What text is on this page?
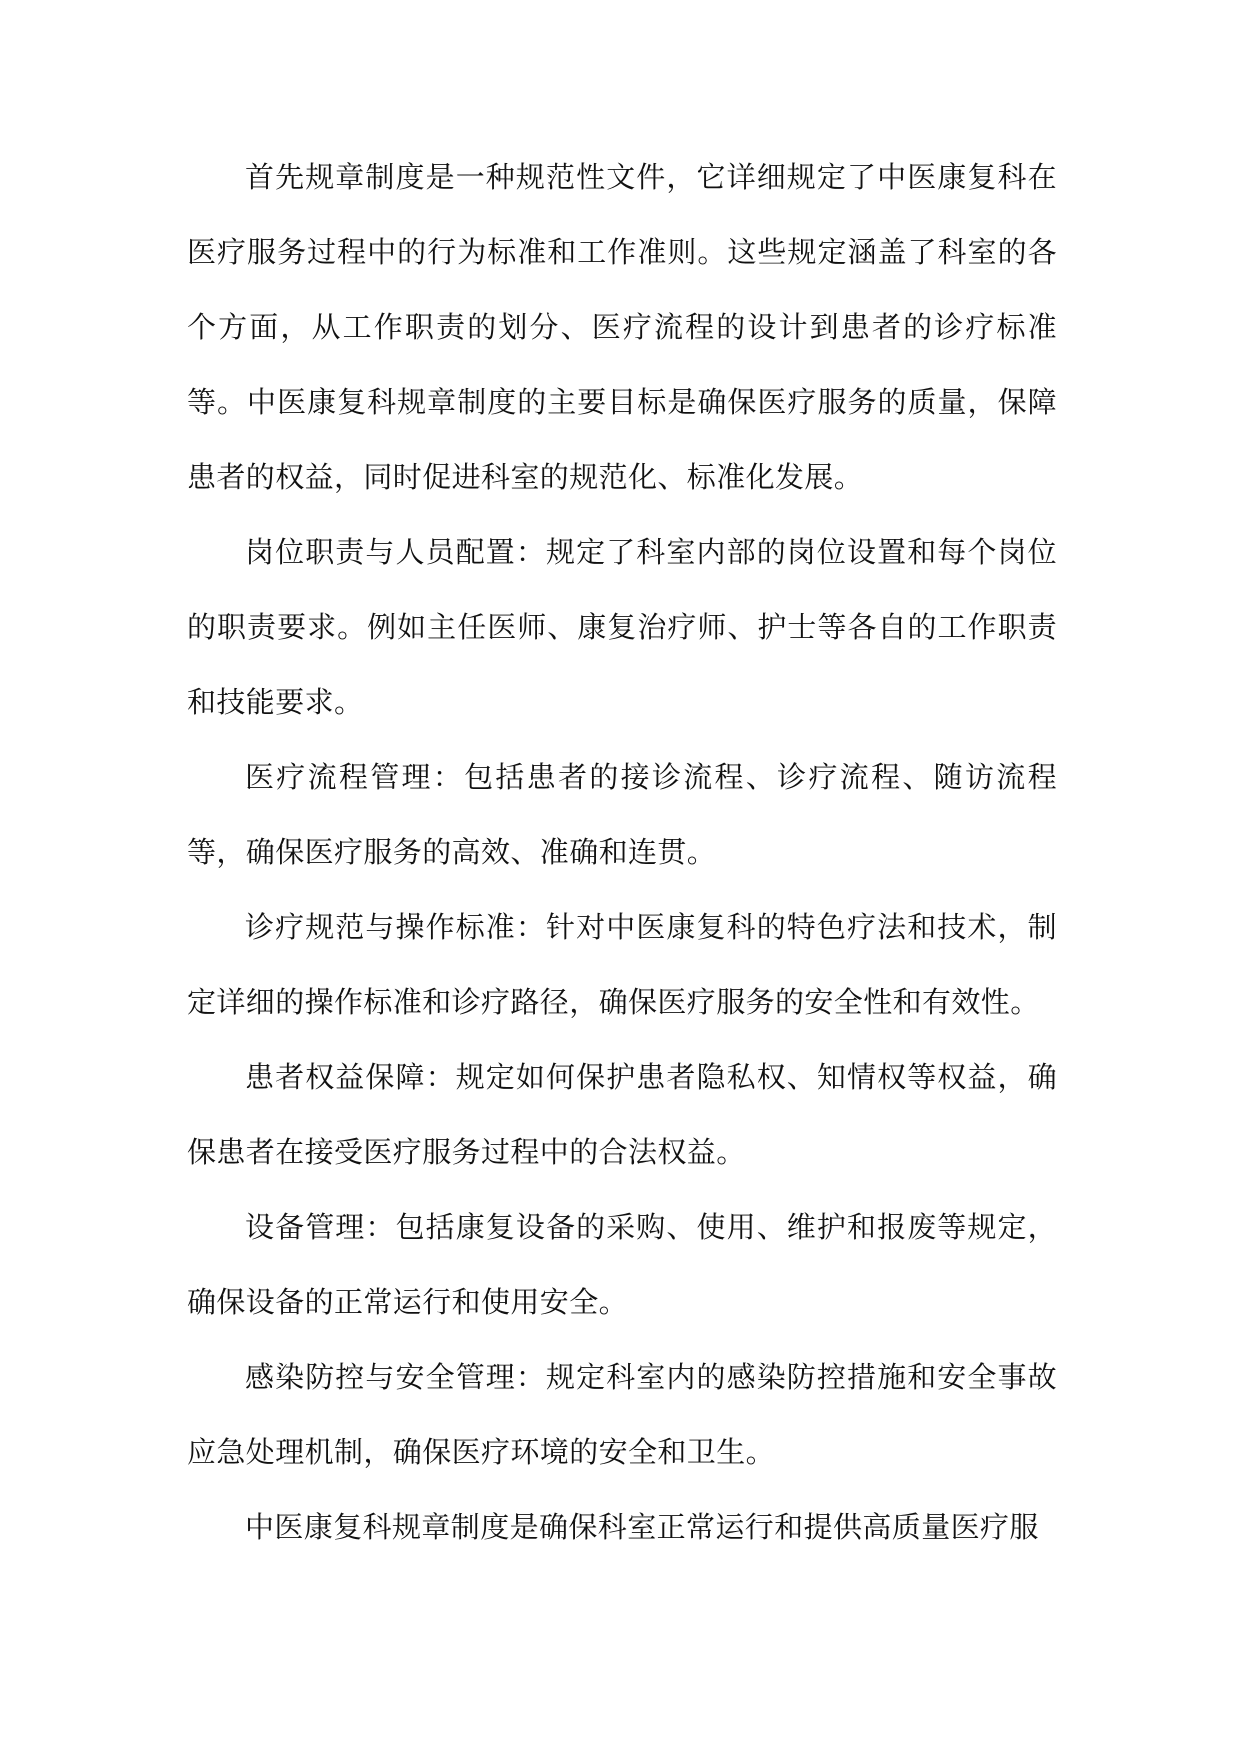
首先规章制度是一种规范性文件，它详细规定了中医康复科在医疗服务过程中的行为标准和工作准则。这些规定涵盖了科室的各个方面，从工作职责的划分、医疗流程的设计到患者的诊疗标准等。中医康复科规章制度的主要目标是确保医疗服务的质量，保障患者的权益，同时促进科室的规范化、标准化发展。

岗位职责与人员配置：规定了科室内部的岗位设置和每个岗位的职责要求。例如主任医师、康复治疗师、护士等各自的工作职责和技能要求。

医疗流程管理：包括患者的接诊流程、诊疗流程、随访流程等，确保医疗服务的高效、准确和连贯。

诊疗规范与操作标准：针对中医康复科的特色疗法和技术，制定详细的操作标准和诊疗路径，确保医疗服务的安全性和有效性。

患者权益保障：规定如何保护患者隐私权、知情权等权益，确保患者在接受医疗服务过程中的合法权益。

设备管理：包括康复设备的采购、使用、维护和报废等规定，确保设备的正常运行和使用安全。

感染防控与安全管理：规定科室内的感染防控措施和安全事故应急处理机制，确保医疗环境的安全和卫生。

中医康复科规章制度是确保科室正常运行和提供高质量医疗服
